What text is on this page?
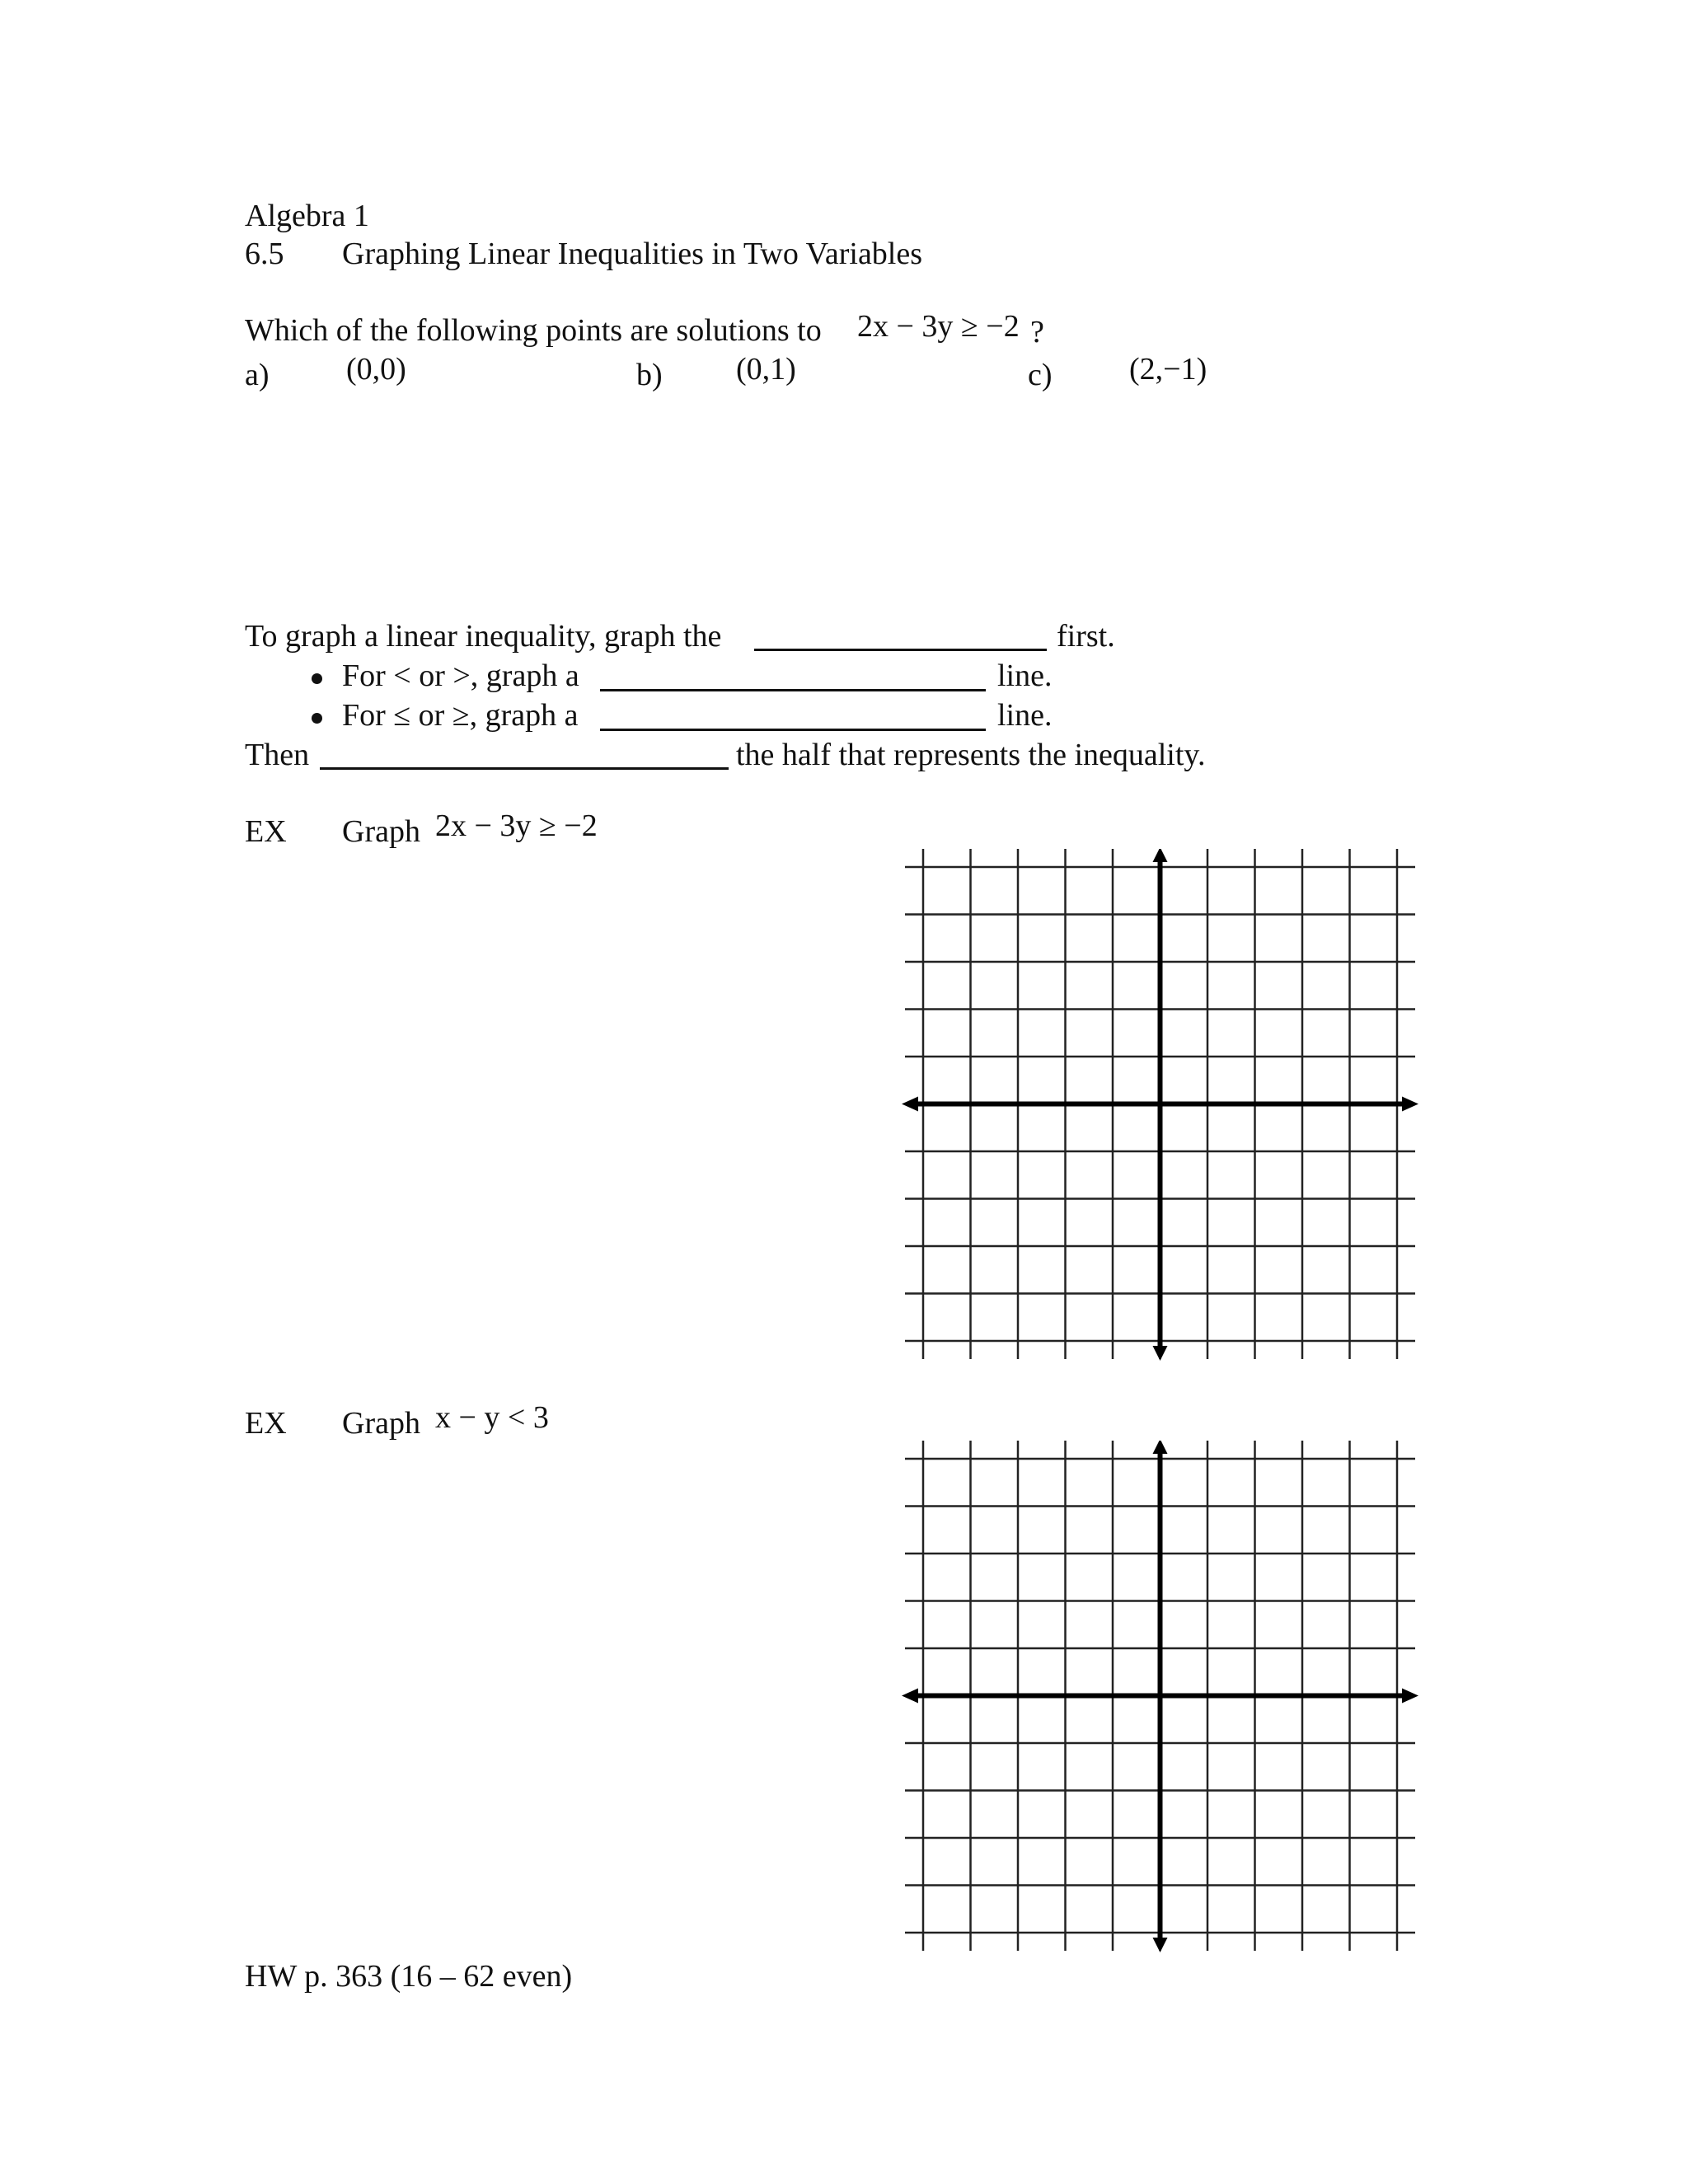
Algebra 1
6.5 Graphing Linear Inequalities in Two Variables
Which of the following points are solutions to 2x − 3y ≥ −2 ?
a) (0,0)	b) (0,1)	c) (2,−1)
To graph a linear inequality, graph the	first.
For < or >, graph a	line.
For ≤ or ≥, graph a	line.
Then	the half that represents the inequality.
EX Graph 2x − 3y ≥ −2
EX Graph x − y < 3
HW p. 363 (16 – 62 even)
